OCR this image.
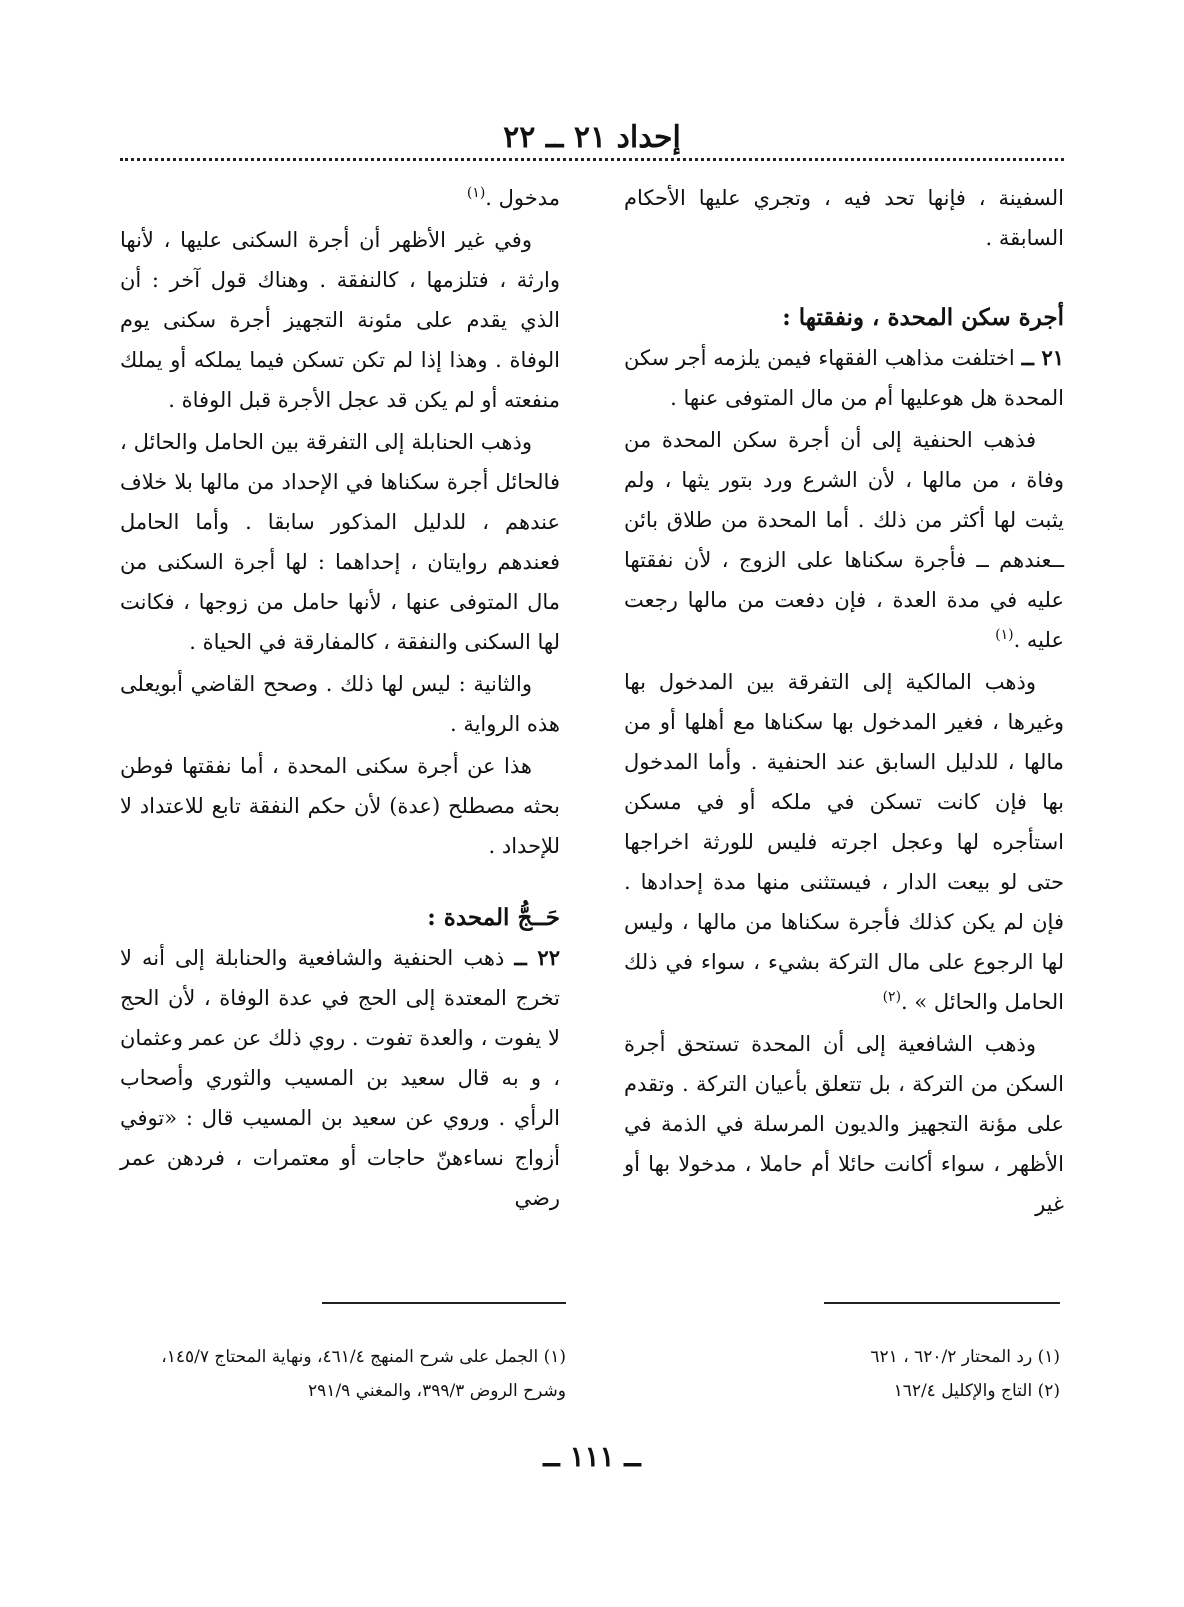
إحداد ٢١ ــ ٢٢

السفينة ، فإنها تحد فيه ، وتجري عليها الأحكام السابقة .

أجرة سكن المحدة ، ونفقتها :

٢١ ــ اختلفت مذاهب الفقهاء فيمن يلزمه أجر سكن المحدة هل هوعليها أم من مال المتوفى عنها .

فذهب الحنفية إلى أن أجرة سكن المحدة من وفاة ، من مالها ، لأن الشرع ورد بتور يثها ، ولم يثبت لها أكثر من ذلك . أما المحدة من طلاق بائن ــعندهم ــ فأجرة سكناها على الزوج ، لأن نفقتها عليه في مدة العدة ، فإن دفعت من مالها رجعت عليه .$^{(١)}$

وذهب المالكية إلى التفرقة بين المدخول بها وغيرها ، فغير المدخول بها سكناها مع أهلها أو من مالها ، للدليل السابق عند الحنفية . وأما المدخول بها فإن كانت تسكن في ملكه أو في مسكن استأجره لها وعجل اجرته فليس للورثة اخراجها حتى لو بيعت الدار ، فيستثنى منها مدة إحدادها . فإن لم يكن كذلك فأجرة سكناها من مالها ، وليس لها الرجوع على مال التركة بشيء ، سواء في ذلك الحامل والحائل » .$^{(٢)}$

وذهب الشافعية إلى أن المحدة تستحق أجرة السكن من التركة ، بل تتعلق بأعيان التركة . وتقدم على مؤنة التجهيز والديون المرسلة في الذمة في الأظهر ، سواء أكانت حائلا أم حاملا ، مدخولا بها أو غير

مدخول .$^{(١)}$

وفي غير الأظهر أن أجرة السكنى عليها ، لأنها وارثة ، فتلزمها ، كالنفقة . وهناك قول آخر : أن الذي يقدم على مئونة التجهيز أجرة سكنى يوم الوفاة . وهذا إذا لم تكن تسكن فيما يملكه أو يملك منفعته أو لم يكن قد عجل الأجرة قبل الوفاة .

وذهب الحنابلة إلى التفرقة بين الحامل والحائل ، فالحائل أجرة سكناها في الإحداد من مالها بلا خلاف عندهم ، للدليل المذكور سابقا . وأما الحامل فعندهم روايتان ، إحداهما : لها أجرة السكنى من مال المتوفى عنها ، لأنها حامل من زوجها ، فكانت لها السكنى والنفقة ، كالمفارقة في الحياة .

والثانية : ليس لها ذلك . وصحح القاضي أبويعلى هذه الرواية .

هذا عن أجرة سكنى المحدة ، أما نفقتها فوطن بحثه مصطلح (عدة) لأن حكم النفقة تابع للاعتداد لا للإحداد .

حَــجُّ المحدة :

٢٢ ــ ذهب الحنفية والشافعية والحنابلة إلى أنه لا تخرج المعتدة إلى الحج في عدة الوفاة ، لأن الحج لا يفوت ، والعدة تفوت . روي ذلك عن عمر وعثمان ، و به قال سعيد بن المسيب والثوري وأصحاب الرأي . وروي عن سعيد بن المسيب قال : «توفي أزواج نساءهنّ حاجات أو معتمرات ، فردهن عمر رضي

(١) رد المحتار ٦٢٠/٢ ، ٦٢١

(٢) التاج والإكليل ١٦٢/٤

(١) الجمل على شرح المنهج ٤٦١/٤، ونهاية المحتاج ١٤٥/٧، وشرح الروض ٣٩٩/٣، والمغني ٢٩١/٩

ــ ١١١ ــ
